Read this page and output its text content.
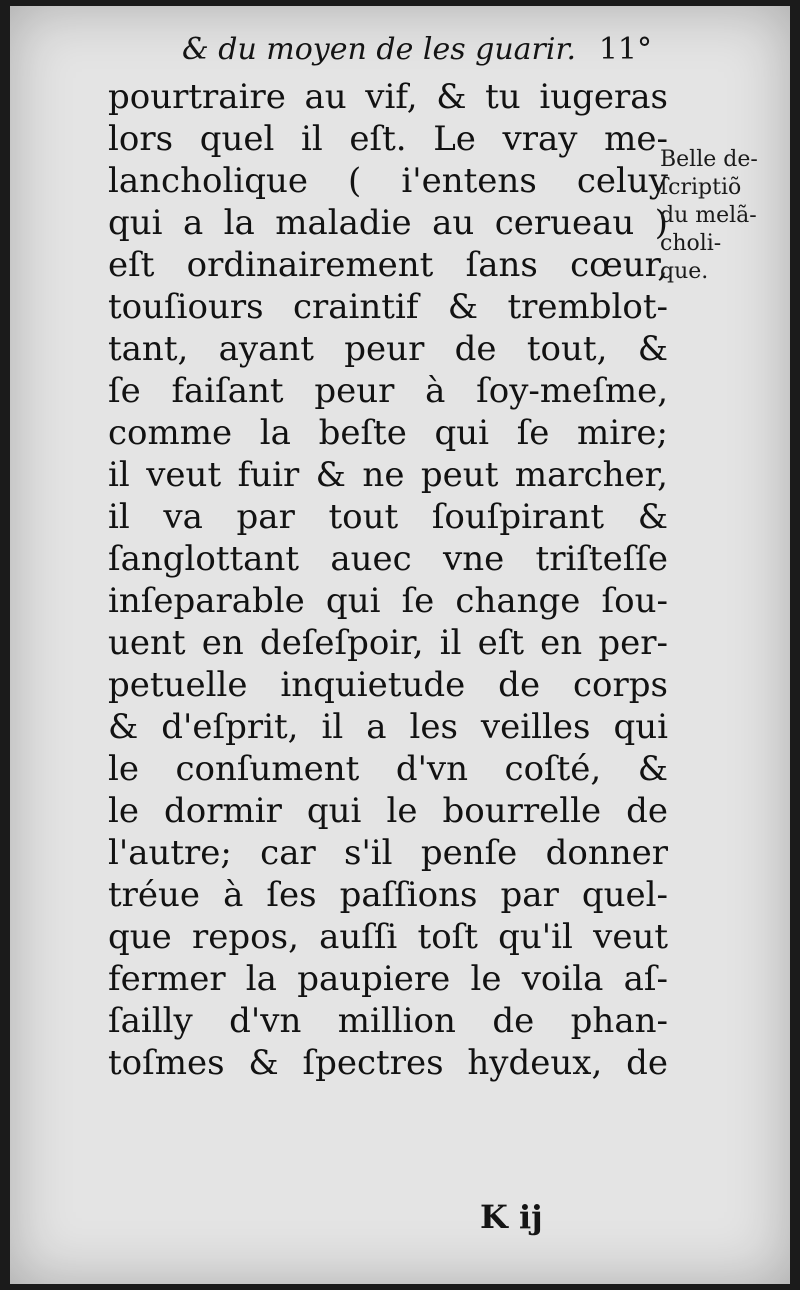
& du moyen de les guarir. 11°
pourtraire au vif, & tu iugeras
lors quel il eſt. Le vray me-
lancholique ( i'entens celuy
qui a la maladie au cerueau )
eſt ordinairement ſans cœur,
touſiours craintif & tremblot-
tant, ayant peur de tout, &
ſe faiſant peur à ſoy-meſme,
comme la beſte qui ſe mire;
il veut fuir & ne peut marcher,
il va par tout ſouſpirant &
ſanglottant auec vne triſteſſe
inſeparable qui ſe change ſou-
uent en deſeſpoir, il eſt en per-
petuelle inquietude de corps
& d'eſprit, il a les veilles qui
le conſument d'vn coſté, &
le dormir qui le bourrelle de
l'autre; car s'il penſe donner
tréue à ſes paſſions par quel-
que repos, auſſi toſt qu'il veut
fermer la paupiere le voila aſ-
ſailly d'vn million de phan-
toſmes & ſpectres hydeux, de
Belle de-
ſcriptiõ
du melã-
choli-
que.
K ij
